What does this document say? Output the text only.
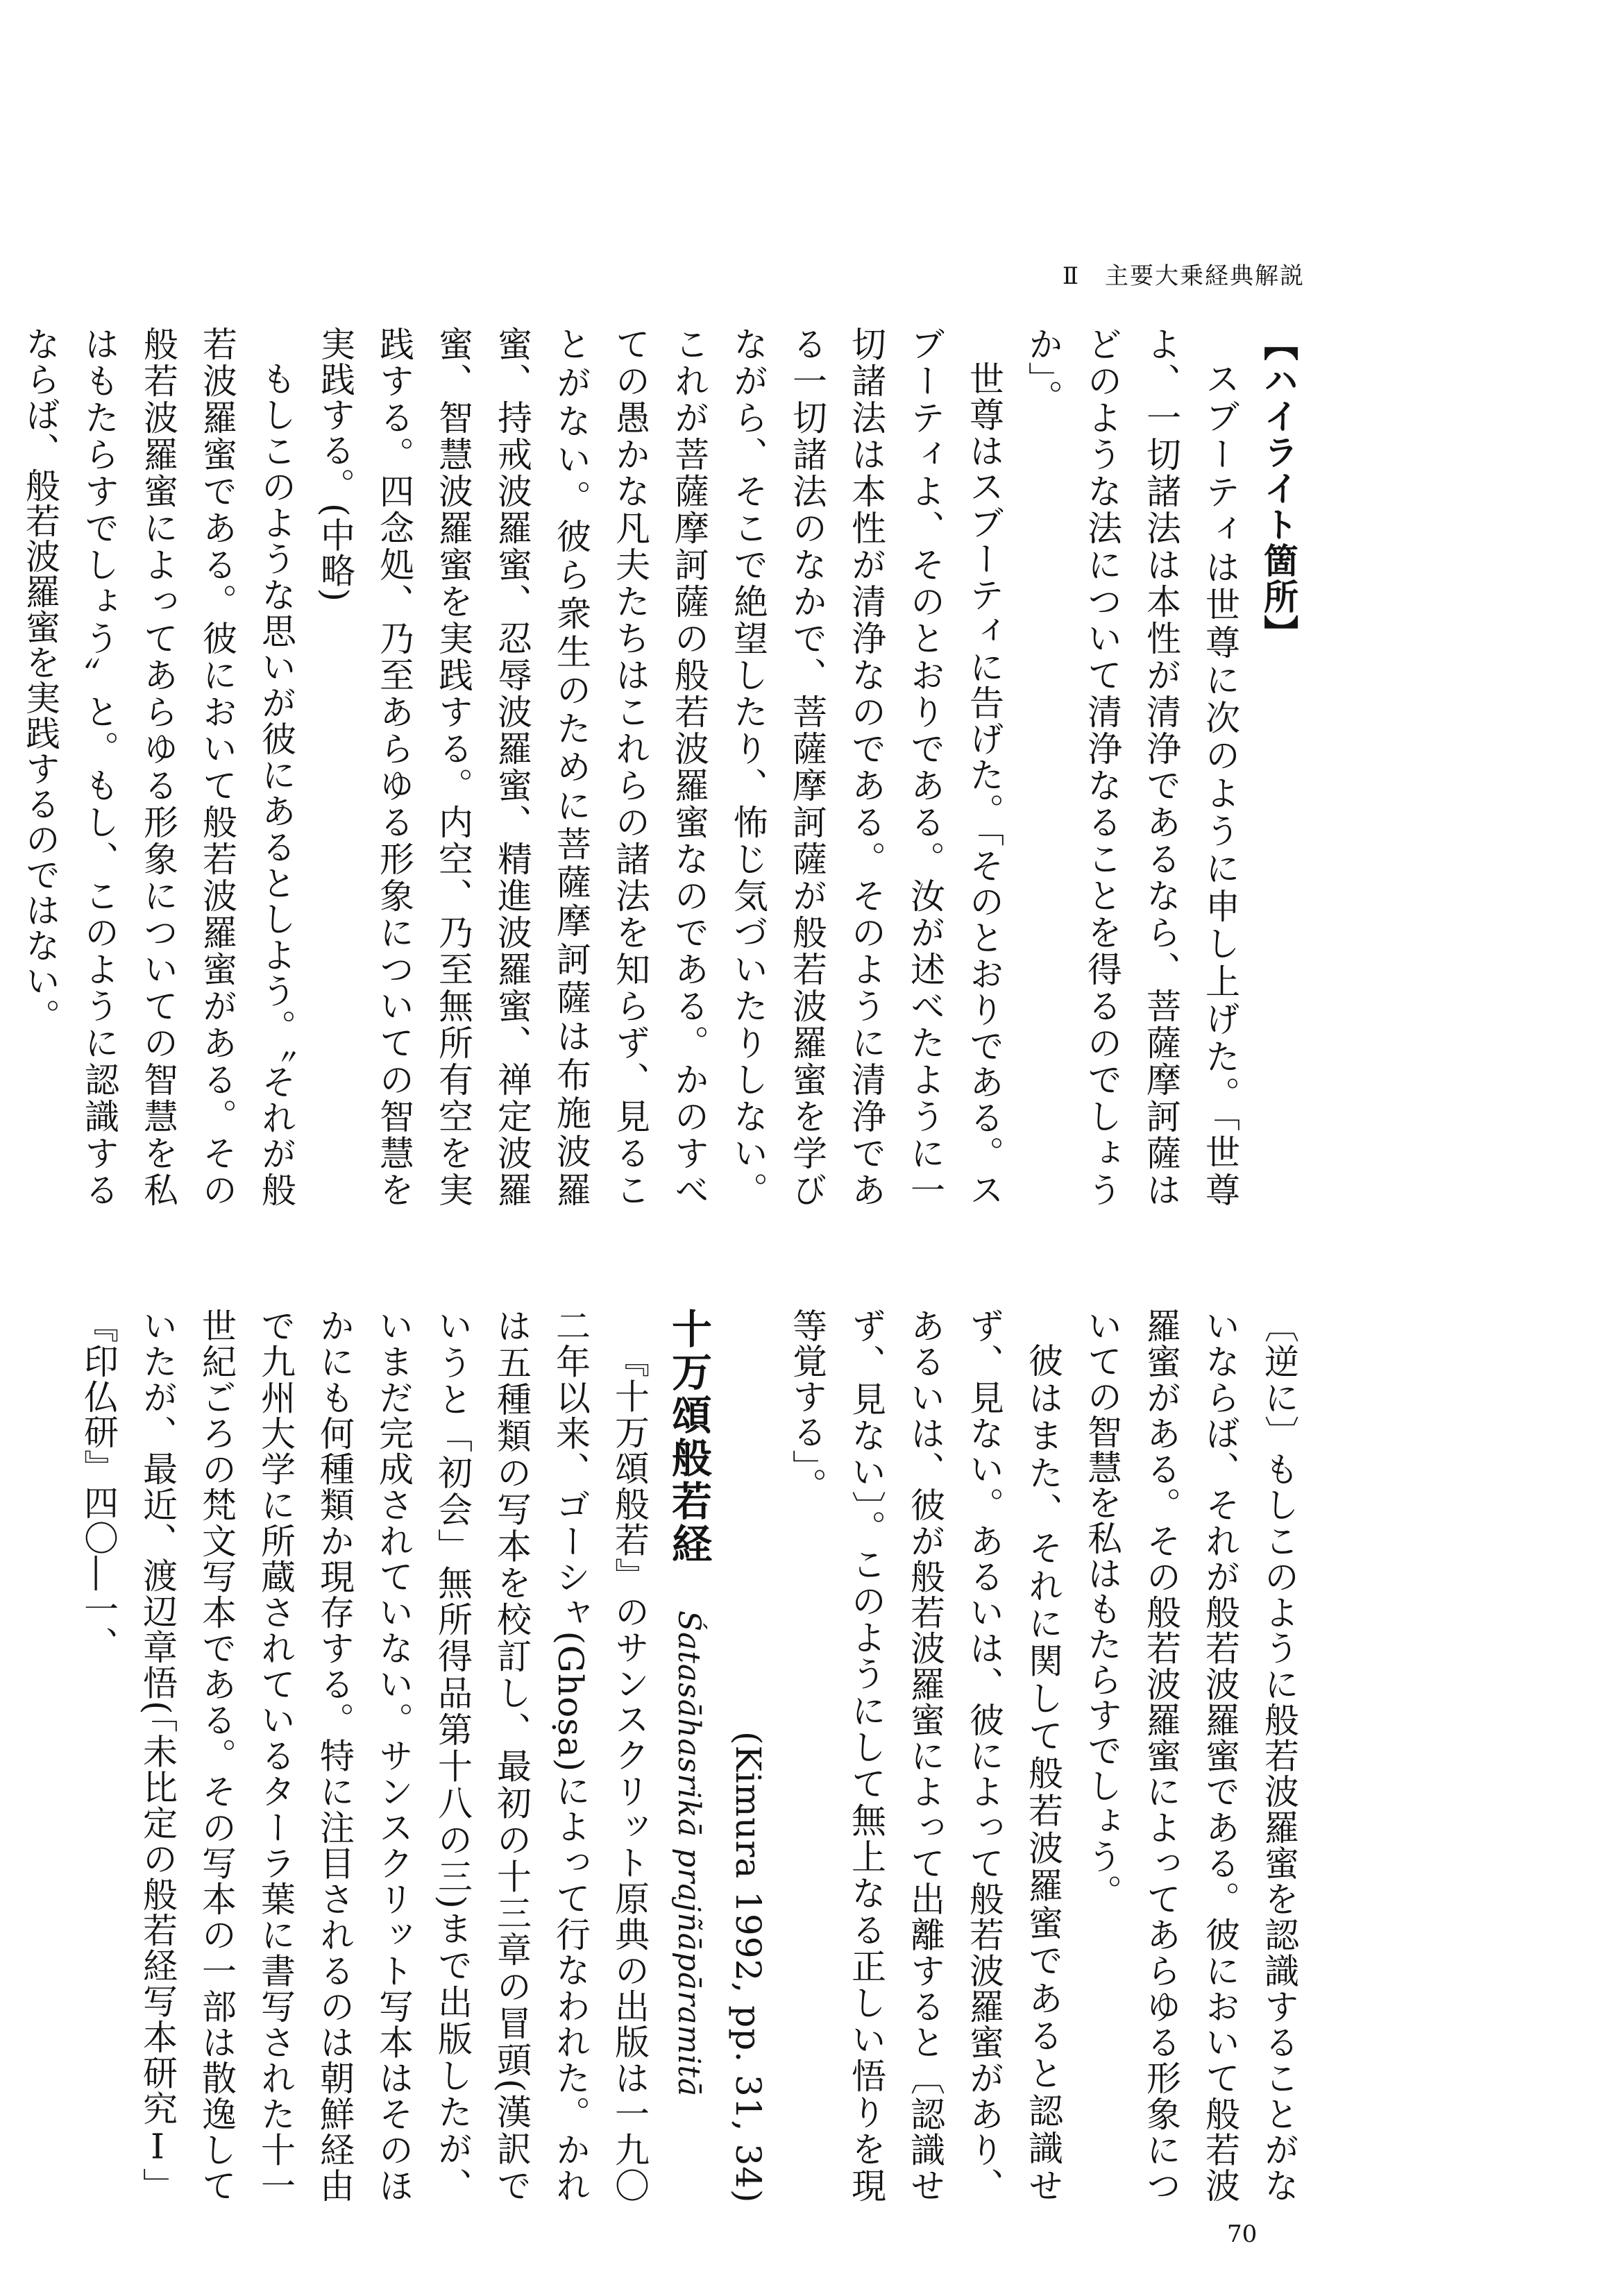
Ⅱ　主要大乗経典解説

【ハイライト箇所】

スブーティは世尊に次のように申し上げた。「世尊よ、一切諸法は本性が清浄であるなら、菩薩摩訶薩はどのような法について清浄なることを得るのでしょうか」。

世尊はスブーティに告げた。「そのとおりである。スブーティよ、そのとおりである。汝が述べたように一切諸法は本性が清浄なのである。そのように清浄である一切諸法のなかで、菩薩摩訶薩が般若波羅蜜を学びながら、そこで絶望したり、怖じ気づいたりしない。これが菩薩摩訶薩の般若波羅蜜なのである。かのすべての愚かな凡夫たちはこれらの諸法を知らず、見ることがない。彼ら衆生のために菩薩摩訶薩は布施波羅蜜、持戒波羅蜜、忍辱波羅蜜、精進波羅蜜、禅定波羅蜜、智慧波羅蜜を実践する。内空、乃至無所有空を実践する。四念処、乃至あらゆる形象についての智慧を実践する。(中略)

もしこのような思いが彼にあるとしよう。〝それが般若波羅蜜である。彼において般若波羅蜜がある。その般若波羅蜜によってあらゆる形象についての智慧を私はもたらすでしょう〟と。もし、このように認識するならば、般若波羅蜜を実践するのではない。

〔逆に〕もしこのように般若波羅蜜を認識することがないならば、それが般若波羅蜜である。彼において般若波羅蜜がある。その般若波羅蜜によってあらゆる形象についての智慧を私はもたらすでしょう。

彼はまた、それに関して般若波羅蜜であると認識せず、見ない。あるいは、彼によって般若波羅蜜があり、あるいは、彼が般若波羅蜜によって出離すると〔認識せず、見ない〕。このようにして無上なる正しい悟りを現等覚する」。

(Kimura 1992, pp. 31, 34)

十万頌般若経 Śatasāhasrikā prajñāpāramitā

『十万頌般若』のサンスクリット原典の出版は一九〇二年以来、ゴーシャ(Ghoṣa)によって行なわれた。かれは五種類の写本を校訂し、最初の十三章の冒頭(漢訳でいうと「初会」無所得品第十八の三)まで出版したが、いまだ完成されていない。サンスクリット写本はそのほかにも何種類か現存する。特に注目されるのは朝鮮経由で九州大学に所蔵されているターラ葉に書写された十一世紀ごろの梵文写本である。その写本の一部は散逸していたが、最近、渡辺章悟(「未比定の般若経写本研究Ⅰ」『印仏研』四〇―一、

70
